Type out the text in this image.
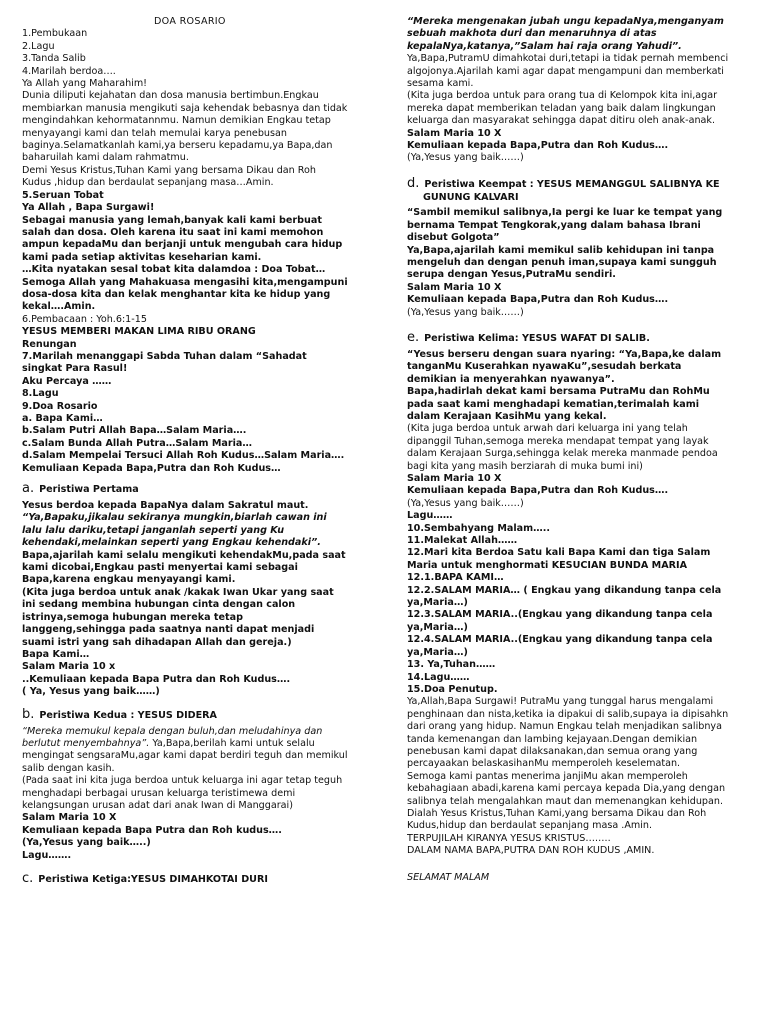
DOA ROSARIO
1.Pembukaan
2.Lagu
3.Tanda Salib
4.Marilah berdoa….
Ya Allah yang Maharahim!
Dunia diliputi kejahatan dan dosa manusia bertimbun.Engkau
membiarkan manusia mengikuti saja kehendak bebasnya dan tidak
mengindahkan kehormatannmu. Namun demikian Engkau tetap
menyayangi kami dan telah memulai karya penebusan
baginya.Selamatkanlah kami,ya berseru kepadamu,ya Bapa,dan
baharuilah kami dalam rahmatmu.
Demi Yesus Kristus,Tuhan Kami yang bersama Dikau dan Roh
Kudus ,hidup dan berdaulat sepanjang masa…Amin.
5.Seruan Tobat
Ya Allah , Bapa Surgawi!
Sebagai manusia yang lemah,banyak kali kami berbuat
salah dan dosa. Oleh karena itu saat ini kami memohon
ampun kepadaMu dan berjanji untuk mengubah cara hidup
kami pada setiap aktivitas keseharian kami.
…Kita nyatakan sesal tobat kita dalamdoa : Doa Tobat…
Semoga Allah yang Mahakuasa mengasihi kita,mengampuni
dosa-dosa kita dan kelak menghantar kita ke hidup yang
kekal….Amin.
6.Pembacaan : Yoh.6:1-15
YESUS MEMBERI MAKAN LIMA RIBU ORANG
Renungan
7.Marilah menanggapi Sabda Tuhan dalam “Sahadat
singkat Para Rasul!
Aku Percaya ……
8.Lagu
9.Doa Rosario
a. Bapa Kami…
b.Salam Putri Allah Bapa…Salam Maria….
c.Salam Bunda Allah Putra…Salam Maria…
d.Salam Mempelai Tersuci Allah Roh Kudus…Salam Maria….
Kemuliaan Kepada Bapa,Putra dan Roh Kudus…
a. Peristiwa Pertama
Yesus berdoa kepada BapaNya dalam Sakratul maut.
“Ya,Bapaku,jikalau sekiranya mungkin,biarlah cawan ini
lalu lalu dariku,tetapi janganlah seperti yang Ku
kehendaki,melainkan seperti yang Engkau kehendaki”.
Bapa,ajarilah kami selalu mengikuti kehendakMu,pada saat
kami dicobai,Engkau pasti menyertai kami sebagai
Bapa,karena engkau menyayangi kami.
(Kita juga berdoa untuk anak /kakak Iwan Ukar yang saat
ini sedang membina hubungan cinta dengan calon
istrinya,semoga hubungan mereka tetap
langgeng,sehingga pada saatnya nanti dapat menjadi
suami istri yang sah dihadapan Allah dan gereja.)
Bapa Kami…
Salam Maria 10 x
..Kemuliaan kepada Bapa Putra dan Roh Kudus….
( Ya, Yesus yang baik……)
b. Peristiwa Kedua : YESUS DIDERA
“Mereka memukul kepala dengan buluh,dan meludahinya dan
berlutut menyembahnya”. Ya,Bapa,berilah kami untuk selalu
mengingat sengsaraMu,agar kami dapat berdiri teguh dan memikul
salib dengan kasih.
(Pada saat ini kita juga berdoa untuk keluarga ini agar tetap teguh
menghadapi berbagai urusan keluarga teristimewa demi
kelangsungan urusan adat dari anak Iwan di Manggarai)
Salam Maria 10 X
Kemuliaan kepada Bapa Putra dan Roh kudus….
(Ya,Yesus yang baik…..)
Lagu…….
c. Peristiwa Ketiga:YESUS DIMAHKOTAI DURI
“Mereka mengenakan jubah ungu kepadaNya,menganyam
sebuah makhota duri dan menaruhnya di atas
kepalaNya,katanya,”Salam hai raja orang Yahudi”.
Ya,Bapa,PutramU dimahkotai duri,tetapi ia tidak pernah membenci
algojonya.Ajarilah kami agar dapat mengampuni dan memberkati
sesama kami.
(Kita juga berdoa untuk para orang tua di Kelompok kita ini,agar
mereka dapat memberikan teladan yang baik dalam lingkungan
keluarga dan masyarakat sehingga dapat ditiru oleh anak-anak.
Salam Maria 10 X
Kemuliaan kepada Bapa,Putra dan Roh Kudus….
(Ya,Yesus yang baik……)
d. Peristiwa Keempat : YESUS MEMANGGUL SALIBNYA KE
GUNUNG KALVARI
“Sambil memikul salibnya,Ia pergi ke luar ke tempat yang
bernama Tempat Tengkorak,yang dalam bahasa Ibrani
disebut Golgota”
Ya,Bapa,ajarilah kami memikul salib kehidupan ini tanpa
mengeluh dan dengan penuh iman,supaya kami sungguh
serupa dengan Yesus,PutraMu sendiri.
Salam Maria 10 X
Kemuliaan kepada Bapa,Putra dan Roh Kudus….
(Ya,Yesus yang baik……)
e. Peristiwa Kelima: YESUS WAFAT DI SALIB.
“Yesus berseru dengan suara nyaring: “Ya,Bapa,ke dalam
tanganMu Kuserahkan nyawaKu”,sesudah berkata
demikian ia menyerahkan nyawanya”.
Bapa,hadirlah dekat kami bersama PutraMu dan RohMu
pada saat kami menghadapi kematian,terimalah kami
dalam Kerajaan KasihMu yang kekal.
(Kita juga berdoa untuk arwah dari keluarga ini yang telah
dipanggil Tuhan,semoga mereka mendapat tempat yang layak
dalam Kerajaan Surga,sehingga kelak mereka manmade pendoa
bagi kita yang masih berziarah di muka bumi ini)
Salam Maria 10 X
Kemuliaan kepada Bapa,Putra dan Roh Kudus….
(Ya,Yesus yang baik……)
Lagu……
10.Sembahyang Malam…..
11.Malekat Allah……
12.Mari kita Berdoa Satu kali Bapa Kami dan tiga Salam
Maria untuk menghormati KESUCIAN BUNDA MARIA
12.1.BAPA KAMI…
12.2.SALAM MARIA… ( Engkau yang dikandung tanpa cela
ya,Maria…)
12.3.SALAM MARIA..(Engkau yang dikandung tanpa cela
ya,Maria…)
12.4.SALAM MARIA..(Engkau yang dikandung tanpa cela
ya,Maria…)
13. Ya,Tuhan……
14.Lagu……
15.Doa Penutup.
Ya,Allah,Bapa Surgawi! PutraMu yang tunggal harus mengalami
penghinaan dan nista,ketika ia dipakui di salib,supaya ia dipisahkn
dari orang yang hidup. Namun Engkau telah menjadikan salibnya
tanda kemenangan dan lambing kejayaan.Dengan demikian
penebusan kami dapat dilaksanakan,dan semua orang yang
percayaakan belaskasihanMu memperoleh keselematan.
Semoga kami pantas menerima janjiMu akan memperoleh
kebahagiaan abadi,karena kami percaya kepada Dia,yang dengan
salibnya telah mengalahkan maut dan memenangkan kehidupan.
Dialah Yesus Kristus,Tuhan Kami,yang bersama Dikau dan Roh
Kudus,hidup dan berdaulat sepanjang masa .Amin.
TERPUJILAH KIRANYA YESUS KRISTUS……..
DALAM NAMA BAPA,PUTRA DAN ROH KUDUS ,AMIN.
SELAMAT MALAM
